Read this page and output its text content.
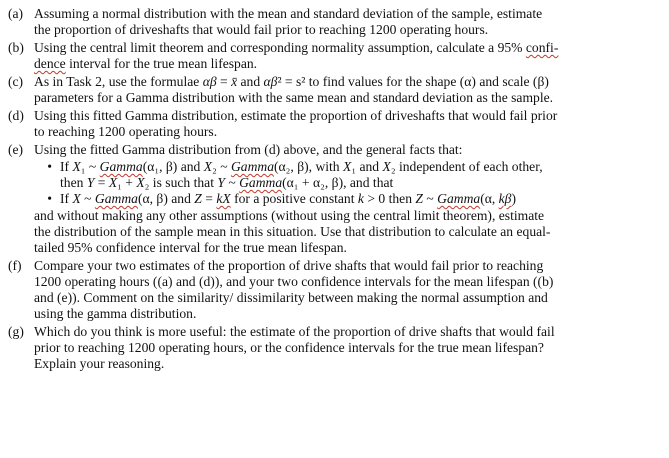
(a) Assuming a normal distribution with the mean and standard deviation of the sample, estimate

the proportion of driveshafts that would fail prior to reaching 1200 operating hours.

(b) Using the central limit theorem and corresponding normality assumption, calculate a 95% confi-

dence interval for the true mean lifespan.

(c) As in Task 2, use the formulae αβ = x̄ and αβ² = s² to find values for the shape (α) and scale (β)

parameters for a Gamma distribution with the same mean and standard deviation as the sample.

(d) Using this fitted Gamma distribution, estimate the proportion of driveshafts that would fail prior

to reaching 1200 operating hours.

(e) Using the fitted Gamma distribution from (d) above, and the general facts that:

• If X₁ ~ Gamma(α₁, β) and X₂ ~ Gamma(α₂, β), with X₁ and X₂ independent of each other,
then Y = X₁ + X₂ is such that Y ~ Gamma(α₁ + α₂, β), and that
• If X ~ Gamma(α, β) and Z = kX for a positive constant k > 0 then Z ~ Gamma(α, kβ)

and without making any other assumptions (without using the central limit theorem), estimate

the distribution of the sample mean in this situation. Use that distribution to calculate an equal-

tailed 95% confidence interval for the true mean lifespan.

(f) Compare your two estimates of the proportion of drive shafts that would fail prior to reaching

1200 operating hours ((a) and (d)), and your two confidence intervals for the mean lifespan ((b)

and (e)). Comment on the similarity/ dissimilarity between making the normal assumption and

using the gamma distribution.

(g) Which do you think is more useful: the estimate of the proportion of drive shafts that would fail

prior to reaching 1200 operating hours, or the confidence intervals for the true mean lifespan?

Explain your reasoning.
